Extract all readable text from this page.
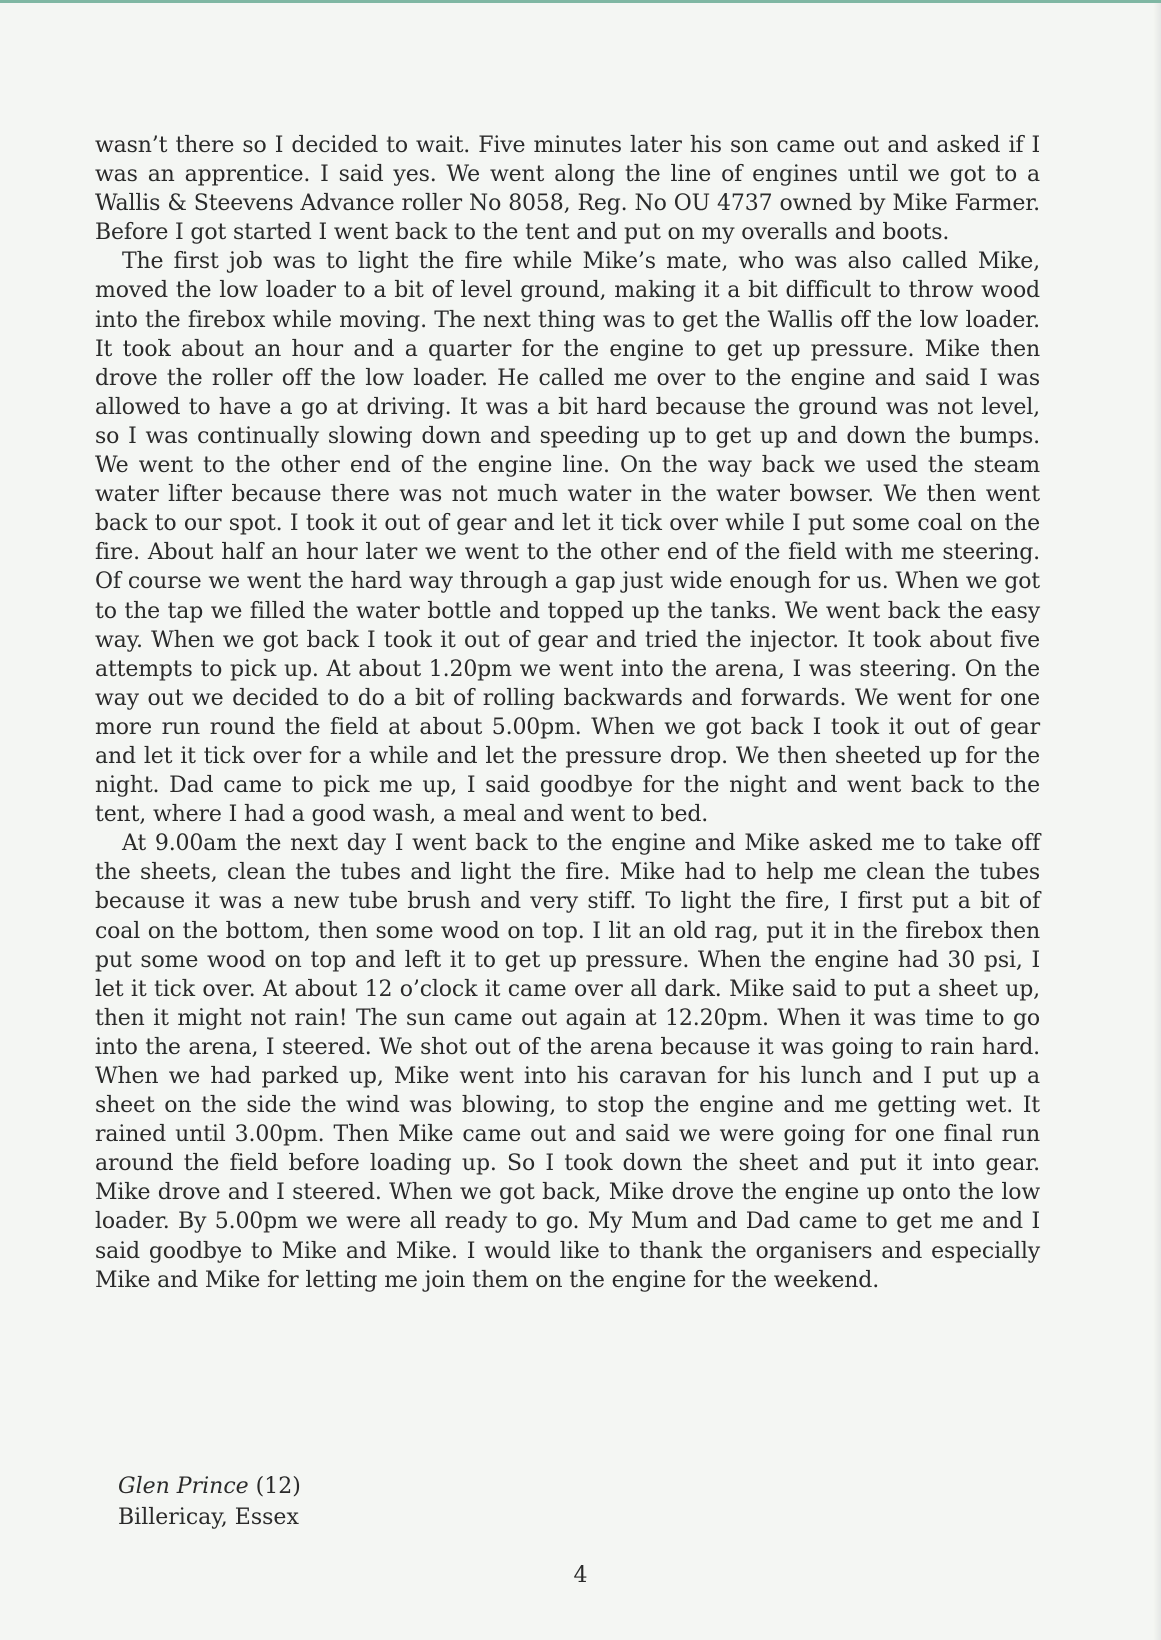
wasn’t there so I decided to wait. Five minutes later his son came out and asked if I was an apprentice. I said yes. We went along the line of engines until we got to a Wallis & Steevens Advance roller No 8058, Reg. No OU 4737 owned by Mike Farmer. Before I got started I went back to the tent and put on my overalls and boots.

The first job was to light the fire while Mike’s mate, who was also called Mike, moved the low loader to a bit of level ground, making it a bit difficult to throw wood into the firebox while moving. The next thing was to get the Wallis off the low loader. It took about an hour and a quarter for the engine to get up pressure. Mike then drove the roller off the low loader. He called me over to the engine and said I was allowed to have a go at driving. It was a bit hard because the ground was not level, so I was continually slowing down and speeding up to get up and down the bumps. We went to the other end of the engine line. On the way back we used the steam water lifter because there was not much water in the water bowser. We then went back to our spot. I took it out of gear and let it tick over while I put some coal on the fire. About half an hour later we went to the other end of the field with me steering. Of course we went the hard way through a gap just wide enough for us. When we got to the tap we filled the water bottle and topped up the tanks. We went back the easy way. When we got back I took it out of gear and tried the injector. It took about five attempts to pick up. At about 1.20pm we went into the arena, I was steering. On the way out we decided to do a bit of rolling backwards and forwards. We went for one more run round the field at about 5.00pm. When we got back I took it out of gear and let it tick over for a while and let the pressure drop. We then sheeted up for the night. Dad came to pick me up, I said goodbye for the night and went back to the tent, where I had a good wash, a meal and went to bed.

At 9.00am the next day I went back to the engine and Mike asked me to take off the sheets, clean the tubes and light the fire. Mike had to help me clean the tubes because it was a new tube brush and very stiff. To light the fire, I first put a bit of coal on the bottom, then some wood on top. I lit an old rag, put it in the firebox then put some wood on top and left it to get up pressure. When the engine had 30 psi, I let it tick over. At about 12 o’clock it came over all dark. Mike said to put a sheet up, then it might not rain! The sun came out again at 12.20pm. When it was time to go into the arena, I steered. We shot out of the arena because it was going to rain hard. When we had parked up, Mike went into his caravan for his lunch and I put up a sheet on the side the wind was blowing, to stop the engine and me getting wet. It rained until 3.00pm. Then Mike came out and said we were going for one final run around the field before loading up. So I took down the sheet and put it into gear. Mike drove and I steered. When we got back, Mike drove the engine up onto the low loader. By 5.00pm we were all ready to go. My Mum and Dad came to get me and I said goodbye to Mike and Mike. I would like to thank the organisers and especially Mike and Mike for letting me join them on the engine for the weekend.

Glen Prince (12)
Billericay, Essex
4
